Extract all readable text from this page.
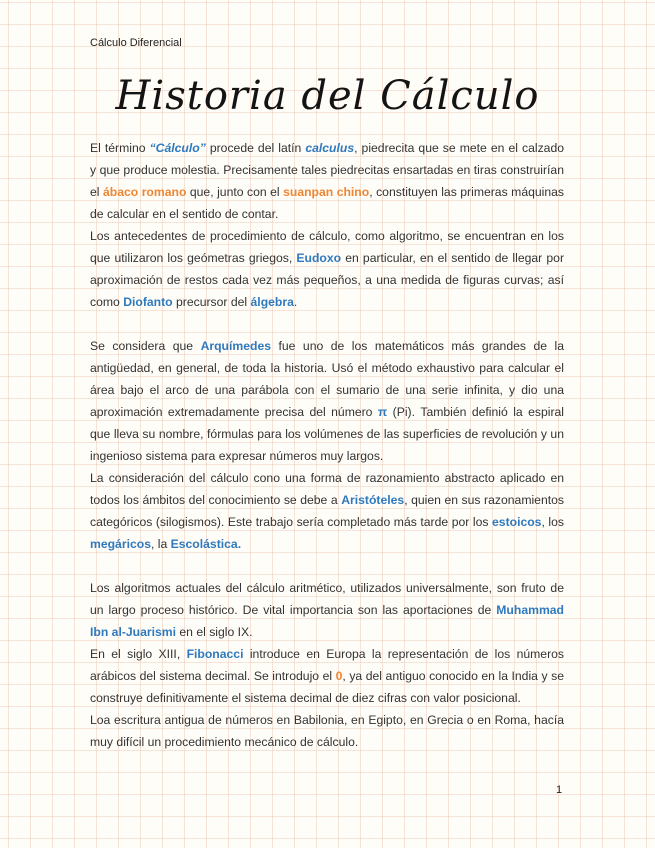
Cálculo Diferencial
Historia del Cálculo

El término “Cálculo” procede del latín calculus, piedrecita que se mete en el calzado y que produce molestia. Precisamente tales piedrecitas ensartadas en tiras construirían el ábaco romano que, junto con el suanpan chino, constituyen las primeras máquinas de calcular en el sentido de contar.

Los antecedentes de procedimiento de cálculo, como algoritmo, se encuentran en los que utilizaron los geómetras griegos, Eudoxo en particular, en el sentido de llegar por aproximación de restos cada vez más pequeños, a una medida de figuras curvas; así como Diofanto precursor del álgebra.

Se considera que Arquímedes fue uno de los matemáticos más grandes de la antigüedad, en general, de toda la historia. Usó el método exhaustivo para calcular el área bajo el arco de una parábola con el sumario de una serie infinita, y dio una aproximación extremadamente precisa del número π (Pi). También definió la espiral que lleva su nombre, fórmulas para los volúmenes de las superficies de revolución y un ingenioso sistema para expresar números muy largos.

La consideración del cálculo cono una forma de razonamiento abstracto aplicado en todos los ámbitos del conocimiento se debe a Aristóteles, quien en sus razonamientos categóricos (silogismos). Este trabajo sería completado más tarde por los estoicos, los megáricos, la Escolástica.

Los algoritmos actuales del cálculo aritmético, utilizados universalmente, son fruto de un largo proceso histórico. De vital importancia son las aportaciones de Muhammad Ibn al-Juarismi en el siglo IX.

En el siglo XIII, Fibonacci introduce en Europa la representación de los números arábicos del sistema decimal. Se introdujo el 0, ya del antiguo conocido en la India y se construye definitivamente el sistema decimal de diez cifras con valor posicional.

Loa escritura antigua de números en Babilonia, en Egipto, en Grecia o en Roma, hacía muy difícil un procedimiento mecánico de cálculo.

1
